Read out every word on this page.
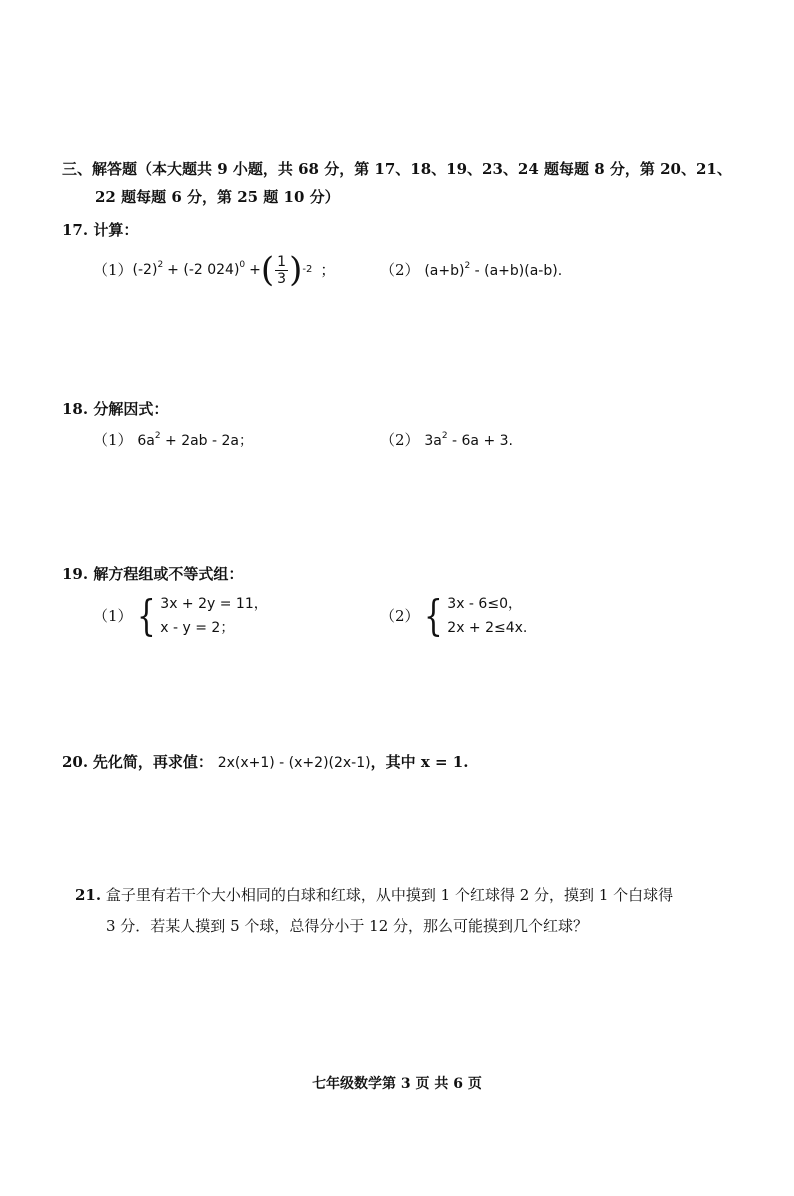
三、解答题（本大题共 9 小题，共 68 分，第 17、18、19、23、24 题每题 8 分，第 20、21、
22 题每题 6 分，第 25 题 10 分）
17. 计算：
（1） $(-2)^2 + (-2$ 024)$^0$ + ( $\frac{1}{3}$ ) -2 ；	（2） $(a+b)^2 - (a+b)(a-b)$.
18. 分解因式：
（1） $6a^2 + 2ab - 2a$；	（2） $3a^2 - 6a + 3$.
19. 解方程组或不等式组：
（1） { 3x + 2y = 11，
x - y = 2；
（2） { 3x - 6≤0，
2x + 2≤4x.
20. 先化简，再求值： 2x(x+1) - (x+2)(2x-1)，其中 x = 1.
21. 盒子里有若干个大小相同的白球和红球，从中摸到 1 个红球得 2 分，摸到 1 个白球得
3 分．若某人摸到 5 个球，总得分小于 12 分，那么可能摸到几个红球？
七年级数学第 3 页 共 6 页
